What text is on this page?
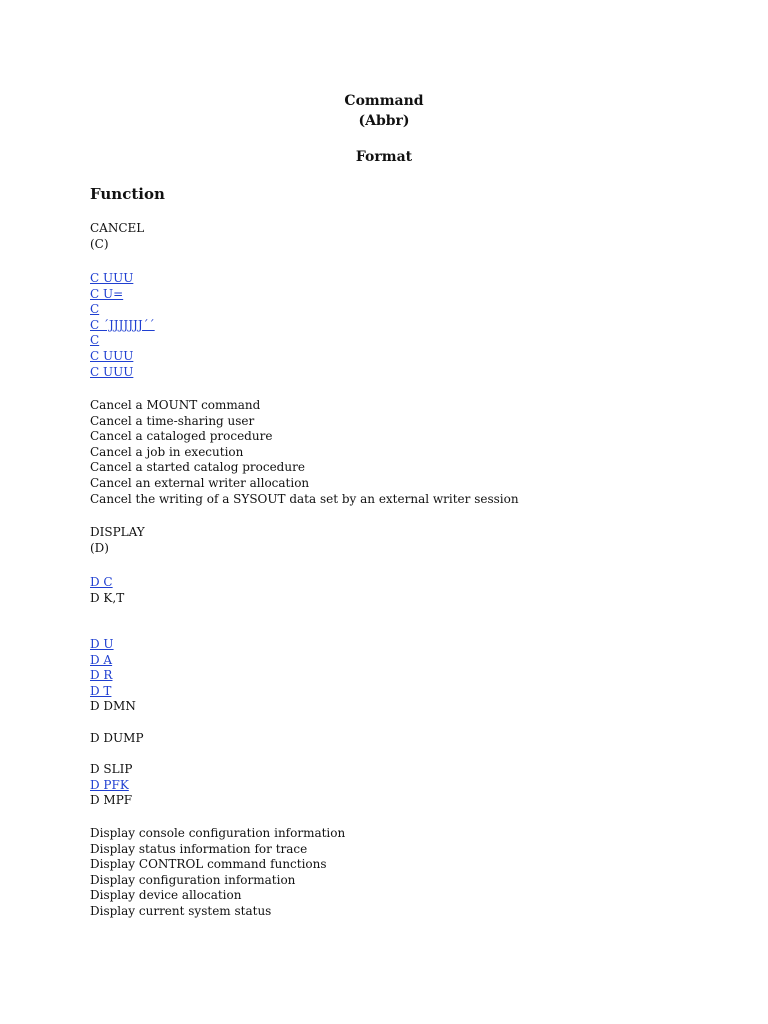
Command
(Abbr)
Format
Function
CANCEL
(C)
C UUU
C U=
C
C ´JJJJJJJ´´
C
C UUU
C UUU
Cancel a MOUNT command
Cancel a time-sharing user
Cancel a cataloged procedure
Cancel a job in execution
Cancel a started catalog procedure
Cancel an external writer allocation
Cancel the writing of a SYSOUT data set by an external writer session
DISPLAY
(D)
D C
D K,T
D U
D A
D R
D T
D DMN
D DUMP
D SLIP
D PFK
D MPF
Display console configuration information
Display status information for trace
Display CONTROL command functions
Display configuration information
Display device allocation
Display current system status
